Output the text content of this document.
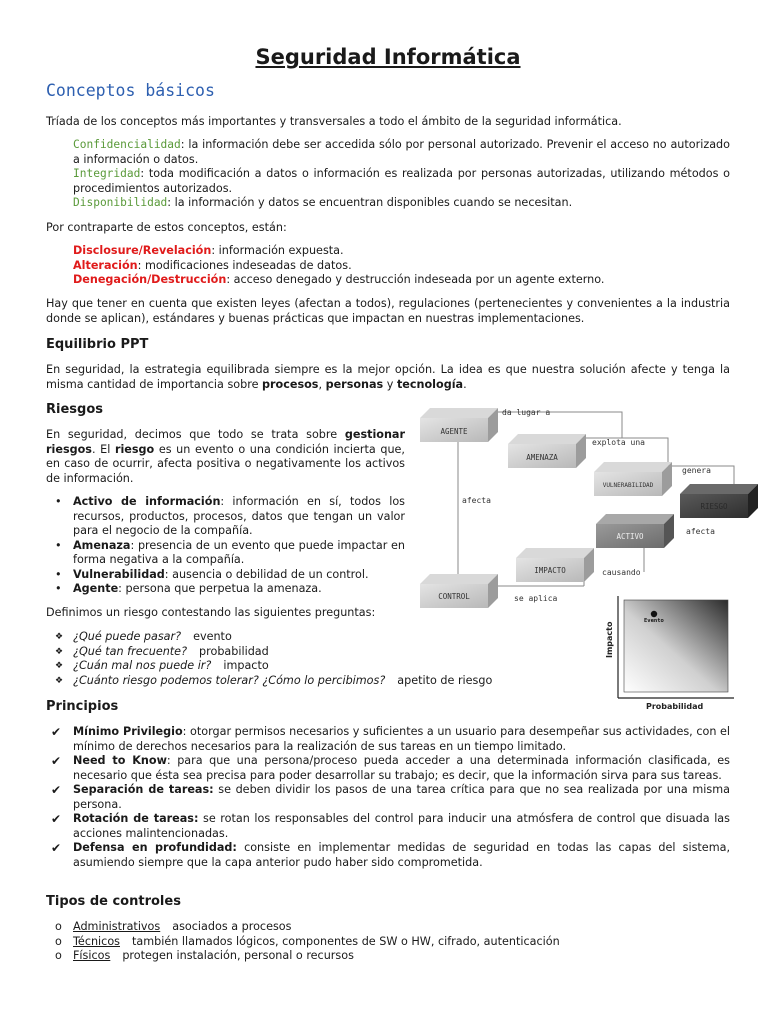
Seguridad Informática
Conceptos básicos

Tríada de los conceptos más importantes y transversales a todo el ámbito de la seguridad informática.

Confidencialidad: la información debe ser accedida sólo por personal autorizado. Prevenir el acceso no autorizado a información o datos.

Integridad: toda modificación a datos o información es realizada por personas autorizadas, utilizando métodos o procedimientos autorizados.

Disponibilidad: la información y datos se encuentran disponibles cuando se necesitan.

Por contraparte de estos conceptos, están:

Disclosure/Revelación: información expuesta.

Alteración: modificaciones indeseadas de datos.

Denegación/Destrucción: acceso denegado y destrucción indeseada por un agente externo.

Hay que tener en cuenta que existen leyes (afectan a todos), regulaciones (pertenecientes y convenientes a la industria donde se aplican), estándares y buenas prácticas que impactan en nuestras implementaciones.

Equilibrio PPT

En seguridad, la estrategia equilibrada siempre es la mejor opción. La idea es que nuestra solución afecte y tenga la misma cantidad de importancia sobre procesos, personas y tecnología.

Riesgos

En seguridad, decimos que todo se trata sobre gestionar riesgos. El riesgo es un evento o una condición incierta que, en caso de ocurrir, afecta positiva o negativamente los activos de información.

• Activo de información: información en sí, todos los recursos, productos, procesos, datos que tengan un valor para el negocio de la compañía.
• Amenaza: presencia de un evento que puede impactar en forma negativa a la compañía.
• Vulnerabilidad: ausencia o debilidad de un control.
• Agente: persona que perpetua la amenaza.

Definimos un riesgo contestando las siguientes preguntas:

❖ ¿Qué puede pasar? evento
❖ ¿Qué tan frecuente? probabilidad
❖ ¿Cuán mal nos puede ir? impacto
❖ ¿Cuánto riesgo podemos tolerar? ¿Cómo lo percibimos? apetito de riesgo
Principios
✔ Mínimo Privilegio: otorgar permisos necesarios y suficientes a un usuario para desempeñar sus actividades, con el mínimo de derechos necesarios para la realización de sus tareas en un tiempo limitado.
✔ Need to Know: para que una persona/proceso pueda acceder a una determinada información clasificada, es necesario que ésta sea precisa para poder desarrollar su trabajo; es decir, que la información sirva para sus tareas.
✔ Separación de tareas: se deben dividir los pasos de una tarea crítica para que no sea realizada por una misma persona.
✔ Rotación de tareas: se rotan los responsables del control para inducir una atmósfera de control que disuada las acciones malintencionadas.
✔ Defensa en profundidad: consiste en implementar medidas de seguridad en todas las capas del sistema, asumiendo siempre que la capa anterior pudo haber sido comprometida.
Tipos de controles
o Administrativos asociados a procesos
o Técnicos también llamados lógicos, componentes de SW o HW, cifrado, autenticación
o Físicos protegen instalación, personal o recursos
AGENTE
AMENAZA
VULNERABILIDAD
RIESGO
ACTIVO
IMPACTO
CONTROL
da lugar a
explota una
genera
afecta
afecta
causando
se aplica
Evento
Impacto
Probabilidad
